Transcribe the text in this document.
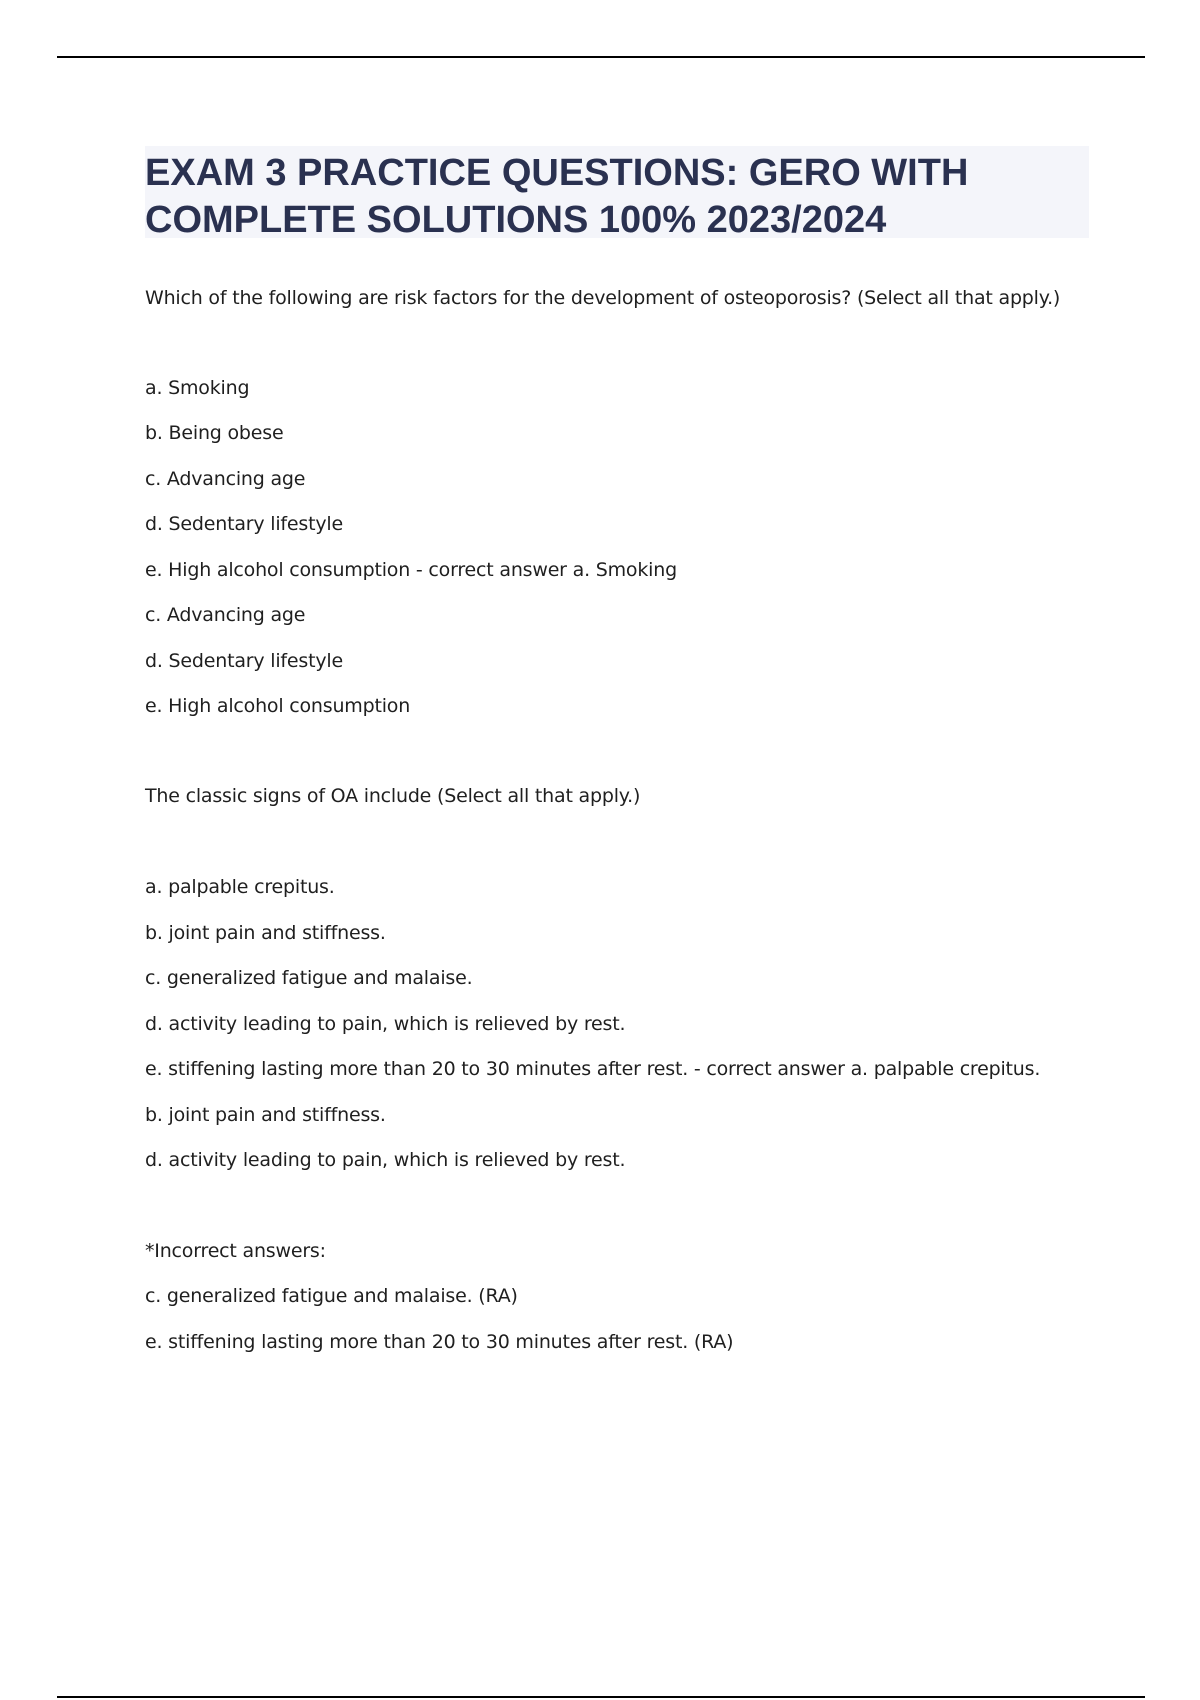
EXAM 3 PRACTICE QUESTIONS: GERO WITH
COMPLETE SOLUTIONS 100% 2023/2024
Which of the following are risk factors for the development of osteoporosis? (Select all that apply.)
a. Smoking
b. Being obese
c. Advancing age
d. Sedentary lifestyle
e. High alcohol consumption - correct answer a. Smoking
c. Advancing age
d. Sedentary lifestyle
e. High alcohol consumption
The classic signs of OA include (Select all that apply.)
a. palpable crepitus.
b. joint pain and stiffness.
c. generalized fatigue and malaise.
d. activity leading to pain, which is relieved by rest.
e. stiffening lasting more than 20 to 30 minutes after rest. - correct answer a. palpable crepitus.
b. joint pain and stiffness.
d. activity leading to pain, which is relieved by rest.
*Incorrect answers:
c. generalized fatigue and malaise. (RA)
e. stiffening lasting more than 20 to 30 minutes after rest. (RA)
